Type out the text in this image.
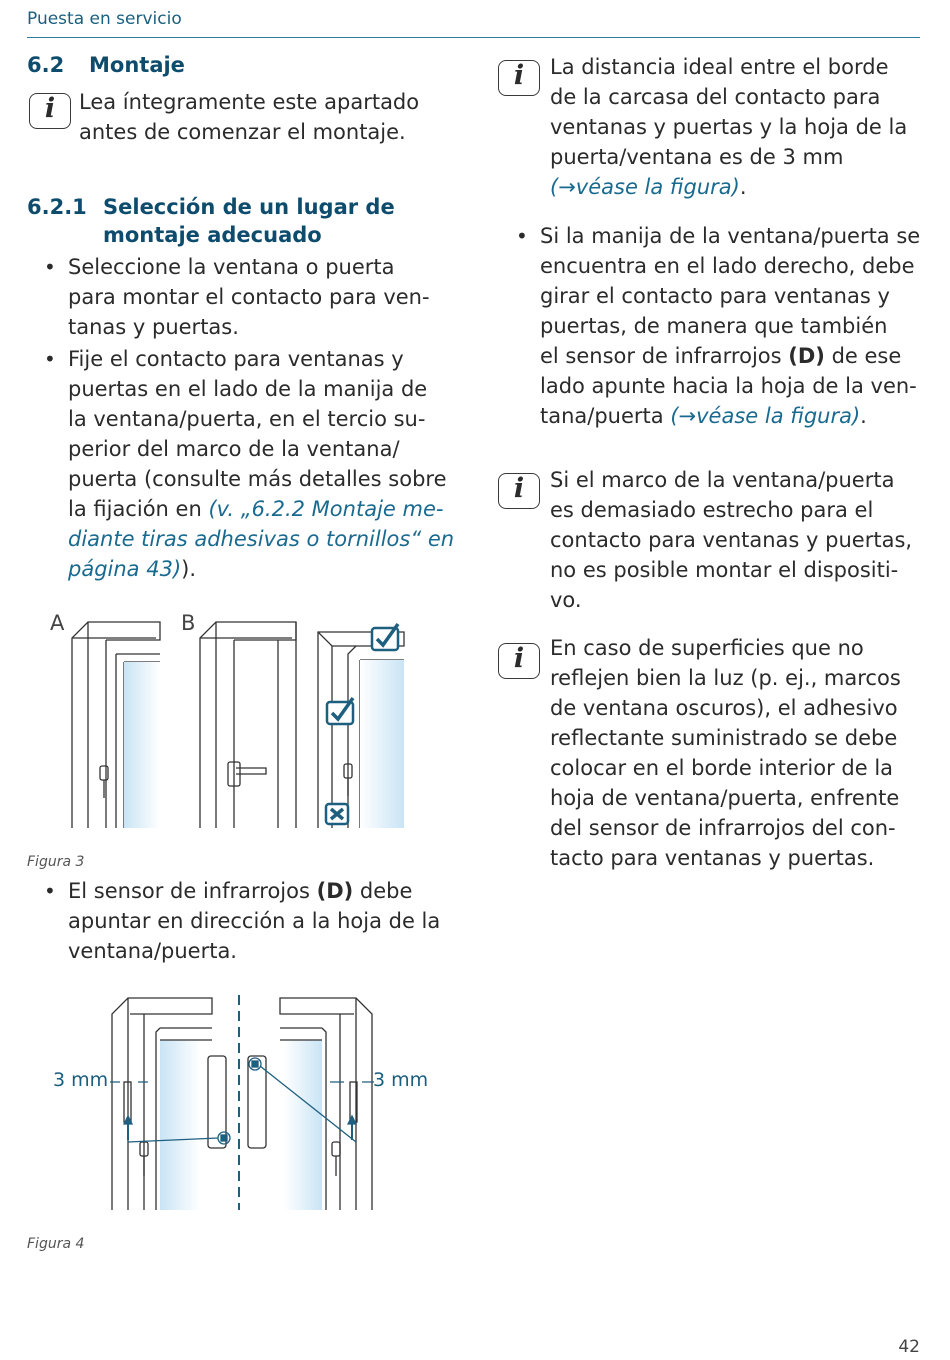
Puesta en servicio
6.2 Montaje
i	Lea íntegramente este apartado
antes de comenzar el montaje.
6.2.1 Selección de un lugar de
montaje adecuado
• Seleccione la ventana o puerta
para montar el contacto para ven-
tanas y puertas.
• Fije el contacto para ventanas y
puertas en el lado de la manija de
la ventana/puerta, en el tercio su-
perior del marco de la ventana/
puerta (consulte más detalles sobre
la fijación en (v. „6.2.2 Montaje me-
diante tiras adhesivas o tornillos“ en
página 43)).
A	B
Figura 3
• El sensor de infrarrojos (D) debe
apuntar en dirección a la hoja de la
ventana/puerta.
3 mm	3 mm
Figura 4
i	La distancia ideal entre el borde
de la carcasa del contacto para
ventanas y puertas y la hoja de la
puerta/ventana es de 3 mm
(→véase la figura).
• Si la manija de la ventana/puerta se
encuentra en el lado derecho, debe
girar el contacto para ventanas y
puertas, de manera que también
el sensor de infrarrojos (D) de ese
lado apunte hacia la hoja de la ven-
tana/puerta (→véase la figura).
i	Si el marco de la ventana/puerta
es demasiado estrecho para el
contacto para ventanas y puertas,
no es posible montar el dispositi-
vo.
i	En caso de superficies que no
reflejen bien la luz (p. ej., marcos
de ventana oscuros), el adhesivo
reflectante suministrado se debe
colocar en el borde interior de la
hoja de ventana/puerta, enfrente
del sensor de infrarrojos del con-
tacto para ventanas y puertas.
42
